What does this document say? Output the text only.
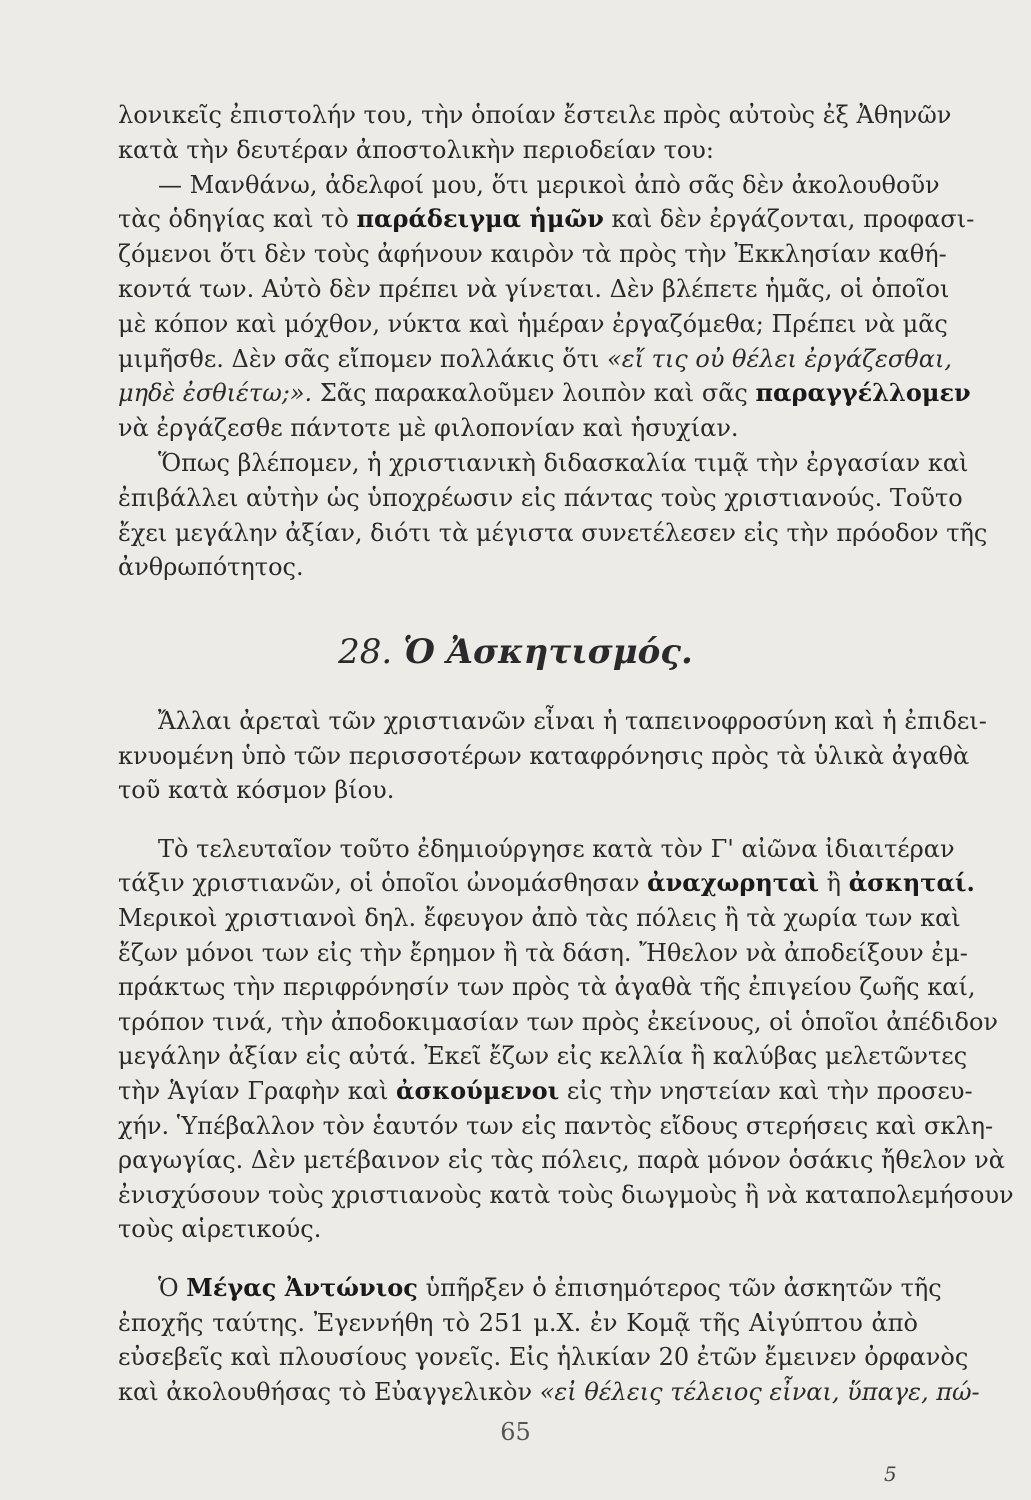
λονικεῖς ἐπιστολήν του, τὴν ὁποίαν ἔστειλε πρὸς αὐτοὺς ἐξ Ἀθηνῶν
κατὰ τὴν δευτέραν ἀποστολικὴν περιοδείαν του:

— Μανθάνω, ἀδελφοί μου, ὅτι μερικοὶ ἀπὸ σᾶς δὲν ἀκολουθοῦν
τὰς ὁδηγίας καὶ τὸ παράδειγμα ἡμῶν καὶ δὲν ἐργάζονται, προφασι-
ζόμενοι ὅτι δὲν τοὺς ἀφήνουν καιρὸν τὰ πρὸς τὴν Ἐκκλησίαν καθή-
κοντά των. Αὐτὸ δὲν πρέπει νὰ γίνεται. Δὲν βλέπετε ἡμᾶς, οἱ ὁποῖοι
μὲ κόπον καὶ μόχθον, νύκτα καὶ ἡμέραν ἐργαζόμεθα; Πρέπει νὰ μᾶς
μιμῆσθε. Δὲν σᾶς εἴπομεν πολλάκις ὅτι «εἴ τις οὐ θέλει ἐργάζεσθαι,
μηδὲ ἐσθιέτω;». Σᾶς παρακαλοῦμεν λοιπὸν καὶ σᾶς παραγγέλλομεν
νὰ ἐργάζεσθε πάντοτε μὲ φιλοπονίαν καὶ ἡσυχίαν.

Ὅπως βλέπομεν, ἡ χριστιανικὴ διδασκαλία τιμᾷ τὴν ἐργασίαν καὶ
ἐπιβάλλει αὐτὴν ὡς ὑποχρέωσιν εἰς πάντας τοὺς χριστιανούς. Τοῦτο
ἔχει μεγάλην ἀξίαν, διότι τὰ μέγιστα συνετέλεσεν εἰς τὴν πρόοδον τῆς
ἀνθρωπότητος.

28. Ὁ Ἀσκητισμός.

Ἄλλαι ἀρεταὶ τῶν χριστιανῶν εἶναι ἡ ταπεινοφροσύνη καὶ ἡ ἐπιδει-
κνυομένη ὑπὸ τῶν περισσοτέρων καταφρόνησις πρὸς τὰ ὑλικὰ ἀγαθὰ
τοῦ κατὰ κόσμον βίου.

Τὸ τελευταῖον τοῦτο ἐδημιούργησε κατὰ τὸν Γ' αἰῶνα ἰδιαιτέραν
τάξιν χριστιανῶν, οἱ ὁποῖοι ὠνομάσθησαν ἀναχωρηταὶ ἢ ἀσκηταί.
Μερικοὶ χριστιανοὶ δηλ. ἔφευγον ἀπὸ τὰς πόλεις ἢ τὰ χωρία των καὶ
ἔζων μόνοι των εἰς τὴν ἔρημον ἢ τὰ δάση. Ἤθελον νὰ ἀποδείξουν ἐμ-
πράκτως τὴν περιφρόνησίν των πρὸς τὰ ἀγαθὰ τῆς ἐπιγείου ζωῆς καί,
τρόπον τινά, τὴν ἀποδοκιμασίαν των πρὸς ἐκείνους, οἱ ὁποῖοι ἀπέδιδον
μεγάλην ἀξίαν εἰς αὐτά. Ἐκεῖ ἔζων εἰς κελλία ἢ καλύβας μελετῶντες
τὴν Ἁγίαν Γραφὴν καὶ ἀσκούμενοι εἰς τὴν νηστείαν καὶ τὴν προσευ-
χήν. Ὑπέβαλλον τὸν ἑαυτόν των εἰς παντὸς εἴδους στερήσεις καὶ σκλη-
ραγωγίας. Δὲν μετέβαινον εἰς τὰς πόλεις, παρὰ μόνον ὁσάκις ἤθελον νὰ
ἐνισχύσουν τοὺς χριστιανοὺς κατὰ τοὺς διωγμοὺς ἢ νὰ καταπολεμήσουν
τοὺς αἱρετικούς.

Ὁ Μέγας Ἀντώνιος ὑπῆρξεν ὁ ἐπισημότερος τῶν ἀσκητῶν τῆς
ἐποχῆς ταύτης. Ἐγεννήθη τὸ 251 μ.Χ. ἐν Κομᾷ τῆς Αἰγύπτου ἀπὸ
εὐσεβεῖς καὶ πλουσίους γονεῖς. Εἰς ἡλικίαν 20 ἐτῶν ἔμεινεν ὀρφανὸς
καὶ ἀκολουθήσας τὸ Εὐαγγελικὸν «εἰ θέλεις τέλειος εἶναι, ὕπαγε, πώ-

65
5
